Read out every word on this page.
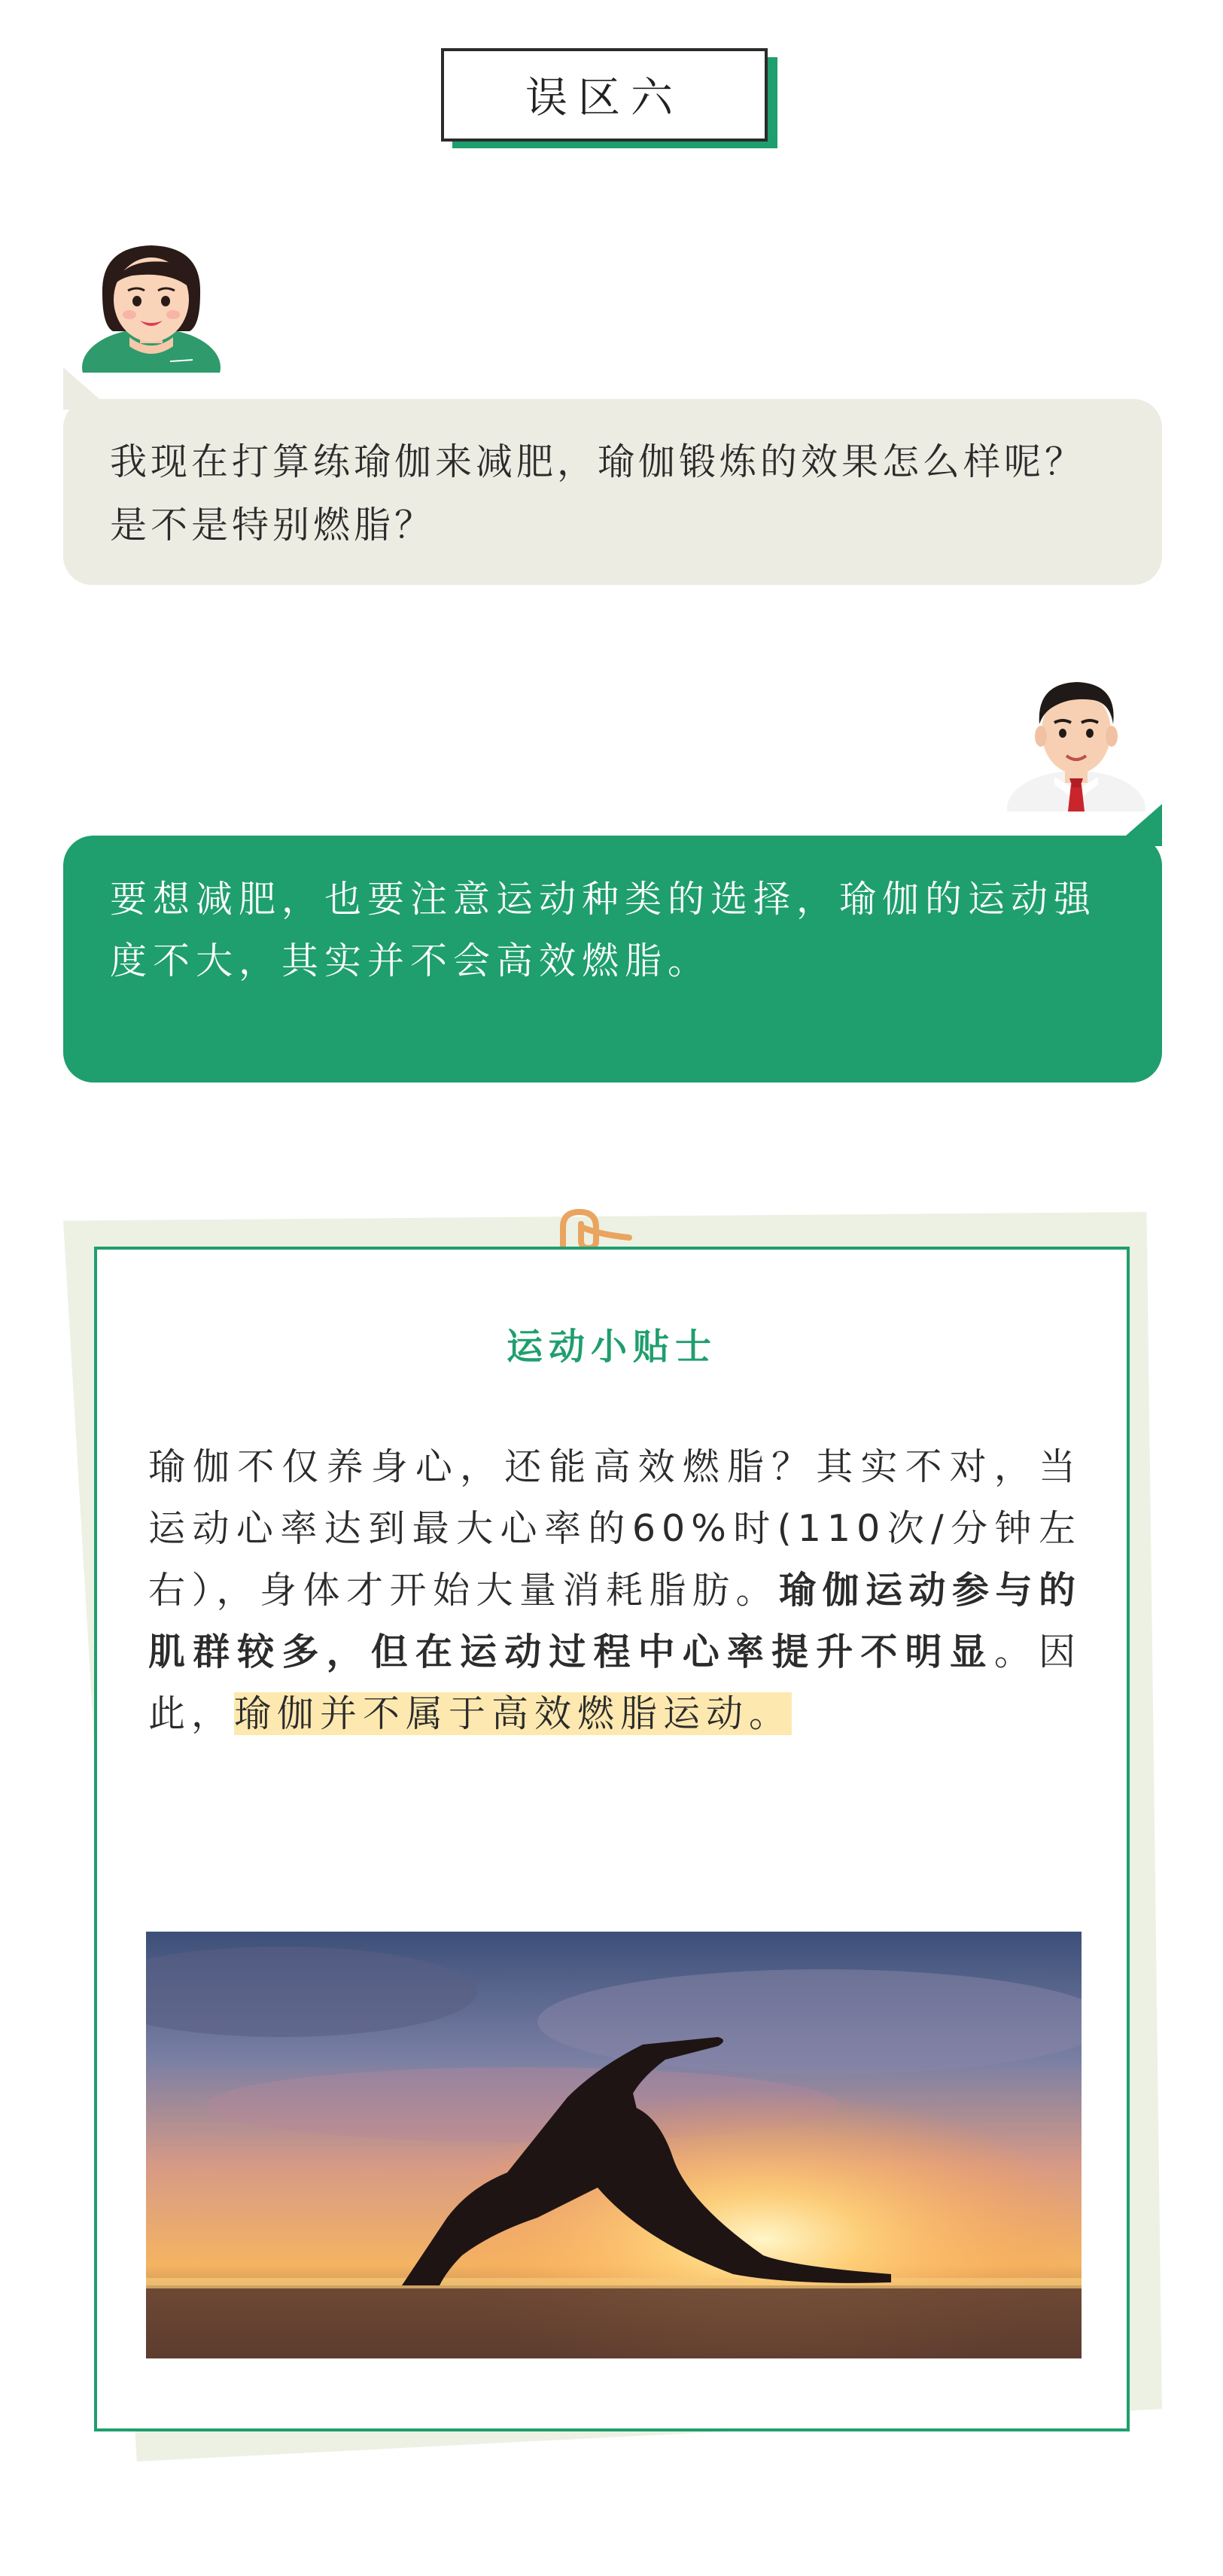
误区六
我现在打算练瑜伽来减肥，瑜伽锻炼的效果怎么样呢？是不是特别燃脂？
要想减肥，也要注意运动种类的选择，瑜伽的运动强度不大，其实并不会高效燃脂。
运动小贴士
瑜伽不仅养身心，还能高效燃脂？其实不对，当运动心率达到最大心率的60%时(110次/分钟左右），身体才开始大量消耗脂肪。瑜伽运动参与的肌群较多，但在运动过程中心率提升不明显。因此，瑜伽并不属于高效燃脂运动。
